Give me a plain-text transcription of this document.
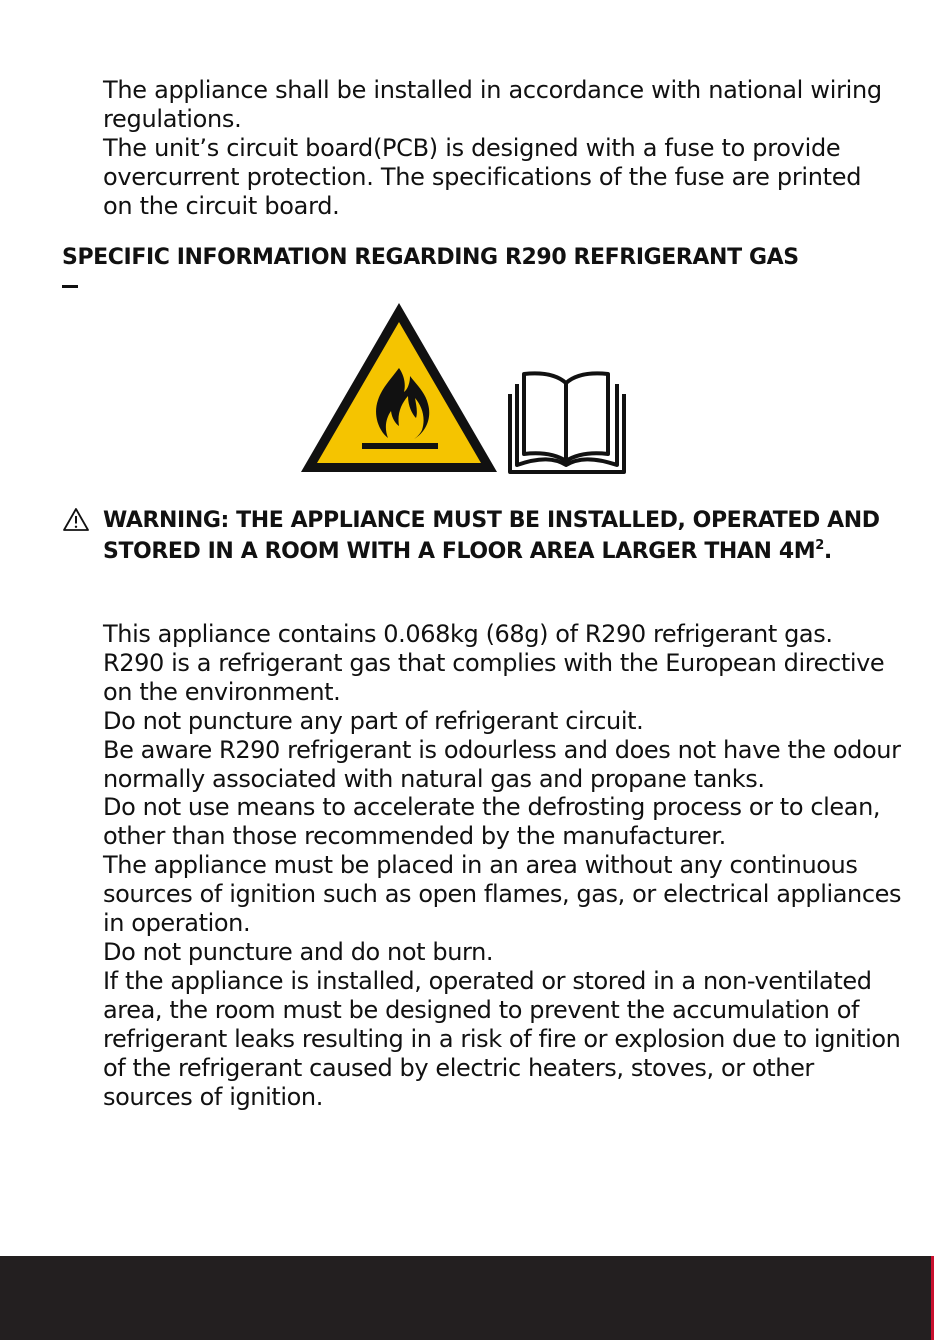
The appliance shall be installed in accordance with national wiring regulations.

The unit’s circuit board(PCB) is designed with a fuse to provide overcurrent protection. The specifications of the fuse are printed on the circuit board.

SPECIFIC INFORMATION REGARDING R290 REFRIGERANT GAS
WARNING: THE APPLIANCE MUST BE INSTALLED, OPERATED AND STORED IN A ROOM WITH A FLOOR AREA LARGER THAN $4M^2$.

This appliance contains 0.068kg (68g) of R290 refrigerant gas.

R290 is a refrigerant gas that complies with the European directive on the environment.

Do not puncture any part of refrigerant circuit.

Be aware R290 refrigerant is odourless and does not have the odour normally associated with natural gas and propane tanks.

Do not use means to accelerate the defrosting process or to clean, other than those recommended by the manufacturer.

The appliance must be placed in an area without any continuous sources of ignition such as open flames, gas, or electrical appliances in operation.

Do not puncture and do not burn.

If the appliance is installed, operated or stored in a non-ventilated area, the room must be designed to prevent the accumulation of refrigerant leaks resulting in a risk of fire or explosion due to ignition of the refrigerant caused by electric heaters, stoves, or other sources of ignition.
